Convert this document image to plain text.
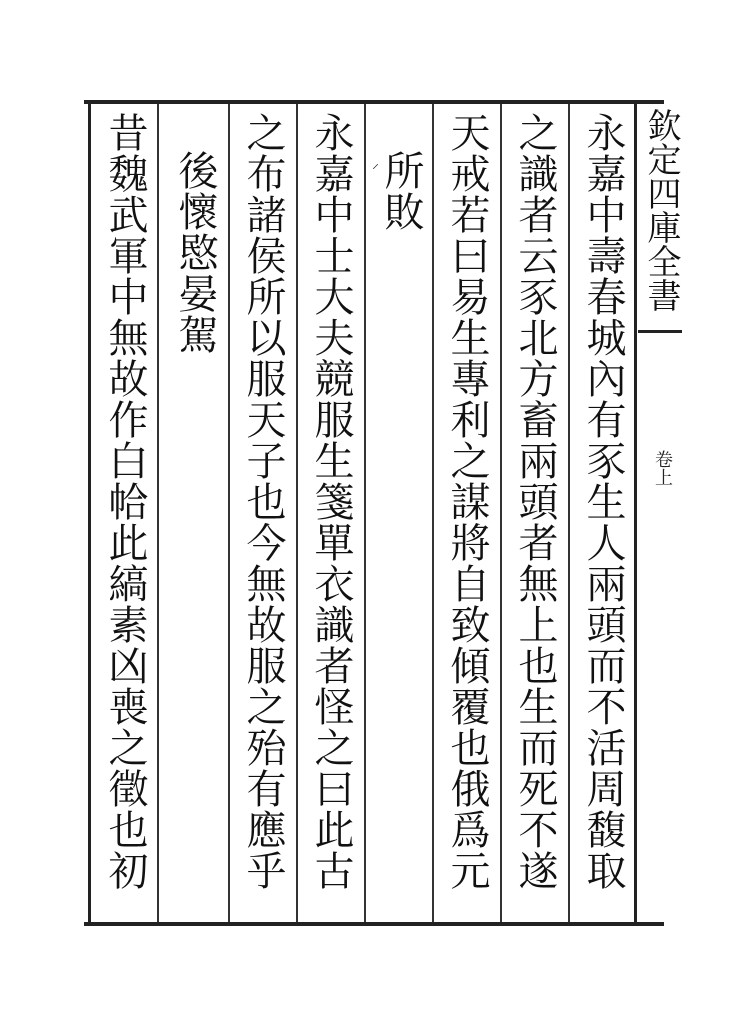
欽定四庫全書
卷上
永嘉中壽春城內有豕生人兩頭而不活周馥取
之識者云豕北方畜兩頭者無上也生而死不遂
天戒若曰易生專利之謀將自致傾覆也俄爲元
⸝ 所敗
永嘉中士大夫競服生箋單衣識者怪之曰此古
之布諸侯所以服天子也今無故服之殆有應乎
後懷愍晏駕
昔魏武軍中無故作白帢此縞素凶喪之徵也初
